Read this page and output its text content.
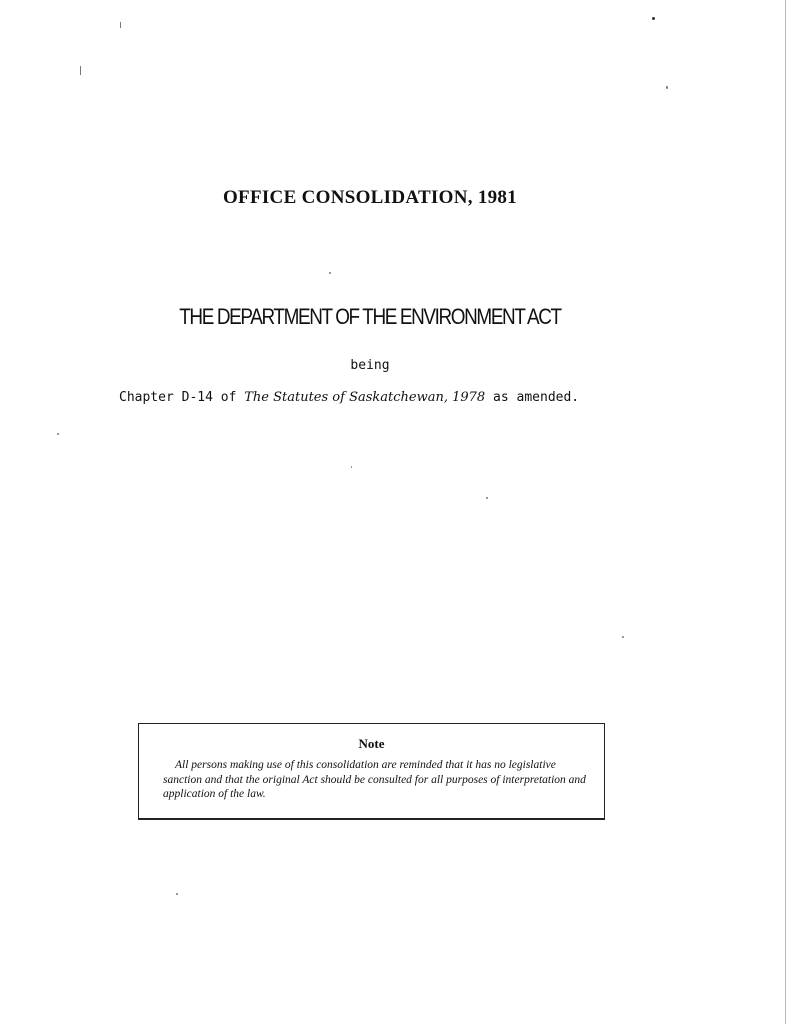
OFFICE CONSOLIDATION, 1981
THE DEPARTMENT OF THE ENVIRONMENT ACT
being
Chapter D-14 of The Statutes of Saskatchewan, 1978 as amended.
Note
All persons making use of this consolidation are reminded that it has no legislative sanction and that the original Act should be consulted for all purposes of interpretation and application of the law.
